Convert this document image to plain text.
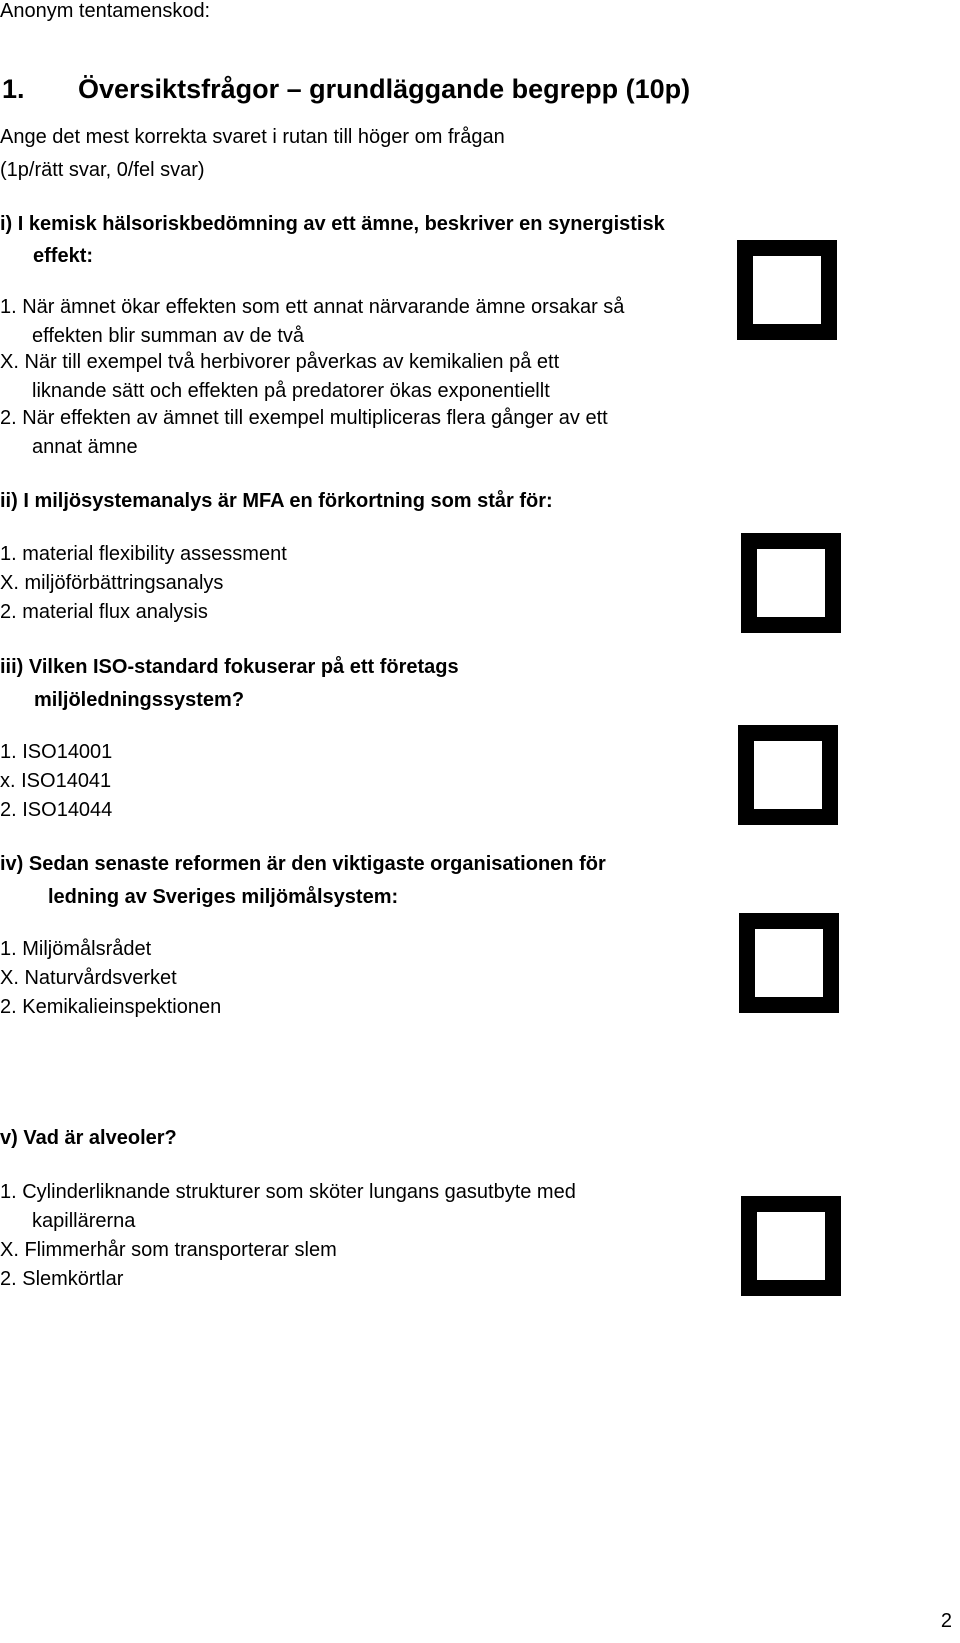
Anonym tentamenskod:
1. Översiktsfrågor – grundläggande begrepp (10p)
Ange det mest korrekta svaret i rutan till höger om frågan
(1p/rätt svar, 0/fel svar)
i) I kemisk hälsoriskbedömning av ett ämne, beskriver en synergistisk
effekt:
1. När ämnet ökar effekten som ett annat närvarande ämne orsakar så
effekten blir summan av de två
X. När till exempel två herbivorer påverkas av kemikalien på ett
liknande sätt och effekten på predatorer ökas exponentiellt
2. När effekten av ämnet till exempel multipliceras flera gånger av ett
annat ämne
ii) I miljösystemanalys är MFA en förkortning som står för:
1. material flexibility assessment
X. miljöförbättringsanalys
2. material flux analysis
iii) Vilken ISO-standard fokuserar på ett företags
miljöledningssystem?
1. ISO14001
x. ISO14041
2. ISO14044
iv) Sedan senaste reformen är den viktigaste organisationen för
ledning av Sveriges miljömålsystem:
1. Miljömålsrådet
X. Naturvårdsverket
2. Kemikalieinspektionen
v) Vad är alveoler?
1. Cylinderliknande strukturer som sköter lungans gasutbyte med
kapillärerna
X. Flimmerhår som transporterar slem
2. Slemkörtlar
2
